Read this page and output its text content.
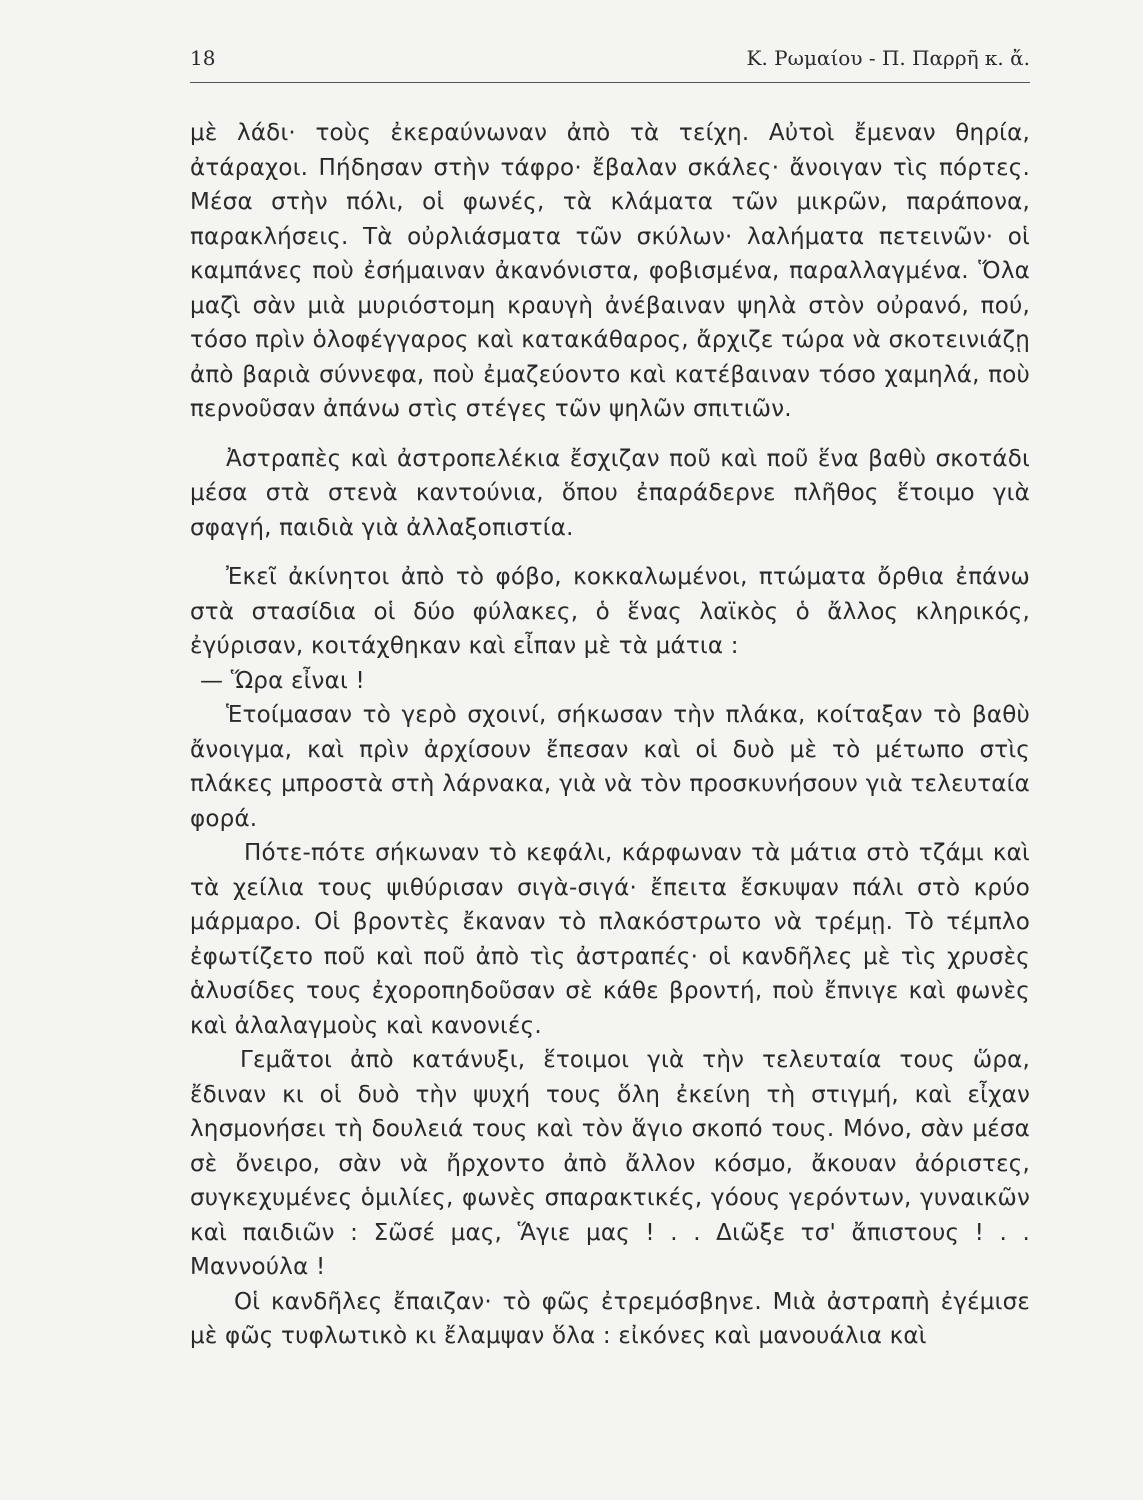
18	Κ. Ρωμαίου - Π. Παρρῆ κ. ἄ.

μὲ λάδι· τοὺς ἐκεραύνωναν ἀπὸ τὰ τείχη. Αὐτοὶ ἔμεναν θηρία, ἀτάραχοι. Πήδησαν στὴν τάφρο· ἔβαλαν σκάλες· ἄνοιγαν τὶς πόρτες. Μέσα στὴν πόλι, οἱ φωνές, τὰ κλάματα τῶν μικρῶν, παράπονα, παρακλήσεις. Τὰ οὐρλιάσματα τῶν σκύλων· λαλήματα πετεινῶν· οἱ καμπάνες ποὺ ἐσήμαιναν ἀκανόνιστα, φοβισμένα, παραλλαγμένα. Ὅλα μαζὶ σὰν μιὰ μυριόστομη κραυγὴ ἀνέβαιναν ψηλὰ στὸν οὐρανό, πού, τόσο πρὶν ὁλοφέγγαρος καὶ κατακάθαρος, ἄρχιζε τώρα νὰ σκοτεινιάζῃ ἀπὸ βαριὰ σύννεφα, ποὺ ἐμαζεύοντο καὶ κατέβαιναν τόσο χαμηλά, ποὺ περνοῦσαν ἀπάνω στὶς στέγες τῶν ψηλῶν σπιτιῶν.

Ἀστραπὲς καὶ ἀστροπελέκια ἔσχιζαν ποῦ καὶ ποῦ ἕνα βαθὺ σκοτάδι μέσα στὰ στενὰ καντούνια, ὅπου ἐπαράδερνε πλῆθος ἕτοιμο γιὰ σφαγή, παιδιὰ γιὰ ἀλλαξοπιστία.

Ἐκεῖ ἀκίνητοι ἀπὸ τὸ φόβο, κοκκαλωμένοι, πτώματα ὄρθια ἐπάνω στὰ στασίδια οἱ δύο φύλακες, ὁ ἕνας λαϊκὸς ὁ ἄλλος κληρικός, ἐγύρισαν, κοιτάχθηκαν καὶ εἶπαν μὲ τὰ μάτια :

— Ὥρα εἶναι !

Ἑτοίμασαν τὸ γερὸ σχοινί, σήκωσαν τὴν πλάκα, κοίταξαν τὸ βαθὺ ἄνοιγμα, καὶ πρὶν ἀρχίσουν ἔπεσαν καὶ οἱ δυὸ μὲ τὸ μέτωπο στὶς πλάκες μπροστὰ στὴ λάρνακα, γιὰ νὰ τὸν προσκυνήσουν γιὰ τελευταία φορά.

Πότε-πότε σήκωναν τὸ κεφάλι, κάρφωναν τὰ μάτια στὸ τζάμι καὶ τὰ χείλια τους ψιθύρισαν σιγὰ-σιγά· ἔπειτα ἔσκυψαν πάλι στὸ κρύο μάρμαρο. Οἱ βροντὲς ἔκαναν τὸ πλακόστρωτο νὰ τρέμῃ. Τὸ τέμπλο ἐφωτίζετο ποῦ καὶ ποῦ ἀπὸ τὶς ἀστραπές· οἱ κανδῆλες μὲ τὶς χρυσὲς ἁλυσίδες τους ἐχοροπηδοῦσαν σὲ κάθε βροντή, ποὺ ἔπνιγε καὶ φωνὲς καὶ ἀλαλαγμοὺς καὶ κανονιές.

Γεμᾶτοι ἀπὸ κατάνυξι, ἕτοιμοι γιὰ τὴν τελευταία τους ὥρα, ἔδιναν κι οἱ δυὸ τὴν ψυχή τους ὅλη ἐκείνη τὴ στιγμή, καὶ εἶχαν λησμονήσει τὴ δουλειά τους καὶ τὸν ἅγιο σκοπό τους. Μόνο, σὰν μέσα σὲ ὄνειρο, σὰν νὰ ἤρχοντο ἀπὸ ἄλλον κόσμο, ἄκουαν ἀόριστες, συγκεχυμένες ὁμιλίες, φωνὲς σπαρακτικές, γόους γερόντων, γυναικῶν καὶ παιδιῶν : Σῶσέ μας, Ἅγιε μας ! . . Διῶξε τσ' ἄπιστους ! . . Μαννούλα !

Οἱ κανδῆλες ἔπαιζαν· τὸ φῶς ἐτρεμόσβηνε. Μιὰ ἀστραπὴ ἐγέμισε μὲ φῶς τυφλωτικὸ κι ἔλαμψαν ὅλα : εἰκόνες καὶ μανουάλια καὶ
